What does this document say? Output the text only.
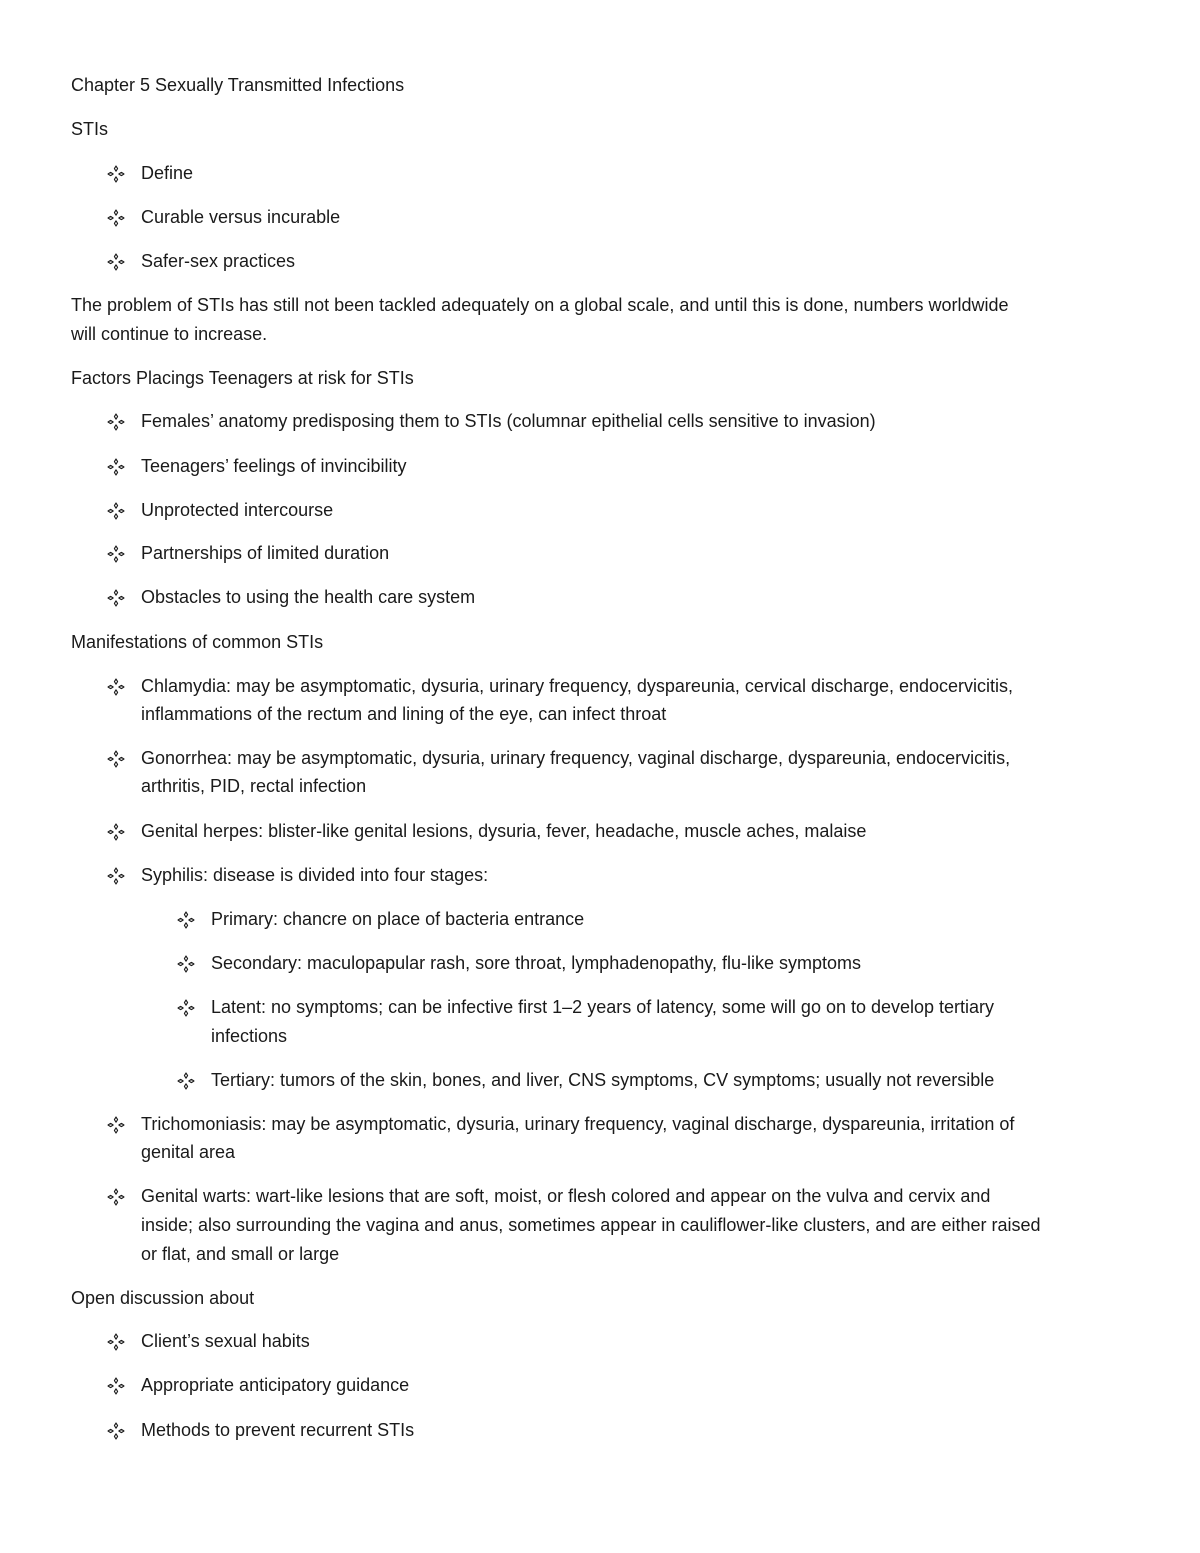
Chapter 5 Sexually Transmitted Infections

STIs

Define

Curable versus incurable

Safer-sex practices

The problem of STIs has still not been tackled adequately on a global scale, and until this is done, numbers worldwide

will continue to increase.

Factors Placings Teenagers at risk for STIs

Females’ anatomy predisposing them to STIs (columnar epithelial cells sensitive to invasion)

Teenagers’ feelings of invincibility

Unprotected intercourse

Partnerships of limited duration

Obstacles to using the health care system

Manifestations of common STIs

Chlamydia: may be asymptomatic, dysuria, urinary frequency, dyspareunia, cervical discharge, endocervicitis,

inflammations of the rectum and lining of the eye, can infect throat

Gonorrhea: may be asymptomatic, dysuria, urinary frequency, vaginal discharge, dyspareunia, endocervicitis,

arthritis, PID, rectal infection

Genital herpes: blister-like genital lesions, dysuria, fever, headache, muscle aches, malaise

Syphilis: disease is divided into four stages:

Primary: chancre on place of bacteria entrance

Secondary: maculopapular rash, sore throat, lymphadenopathy, flu-like symptoms

Latent: no symptoms; can be infective first 1–2 years of latency, some will go on to develop tertiary

infections

Tertiary: tumors of the skin, bones, and liver, CNS symptoms, CV symptoms; usually not reversible

Trichomoniasis: may be asymptomatic, dysuria, urinary frequency, vaginal discharge, dyspareunia, irritation of

genital area

Genital warts: wart-like lesions that are soft, moist, or flesh colored and appear on the vulva and cervix and

inside; also surrounding the vagina and anus, sometimes appear in cauliflower-like clusters, and are either raised

or flat, and small or large

Open discussion about

Client’s sexual habits

Appropriate anticipatory guidance

Methods to prevent recurrent STIs
